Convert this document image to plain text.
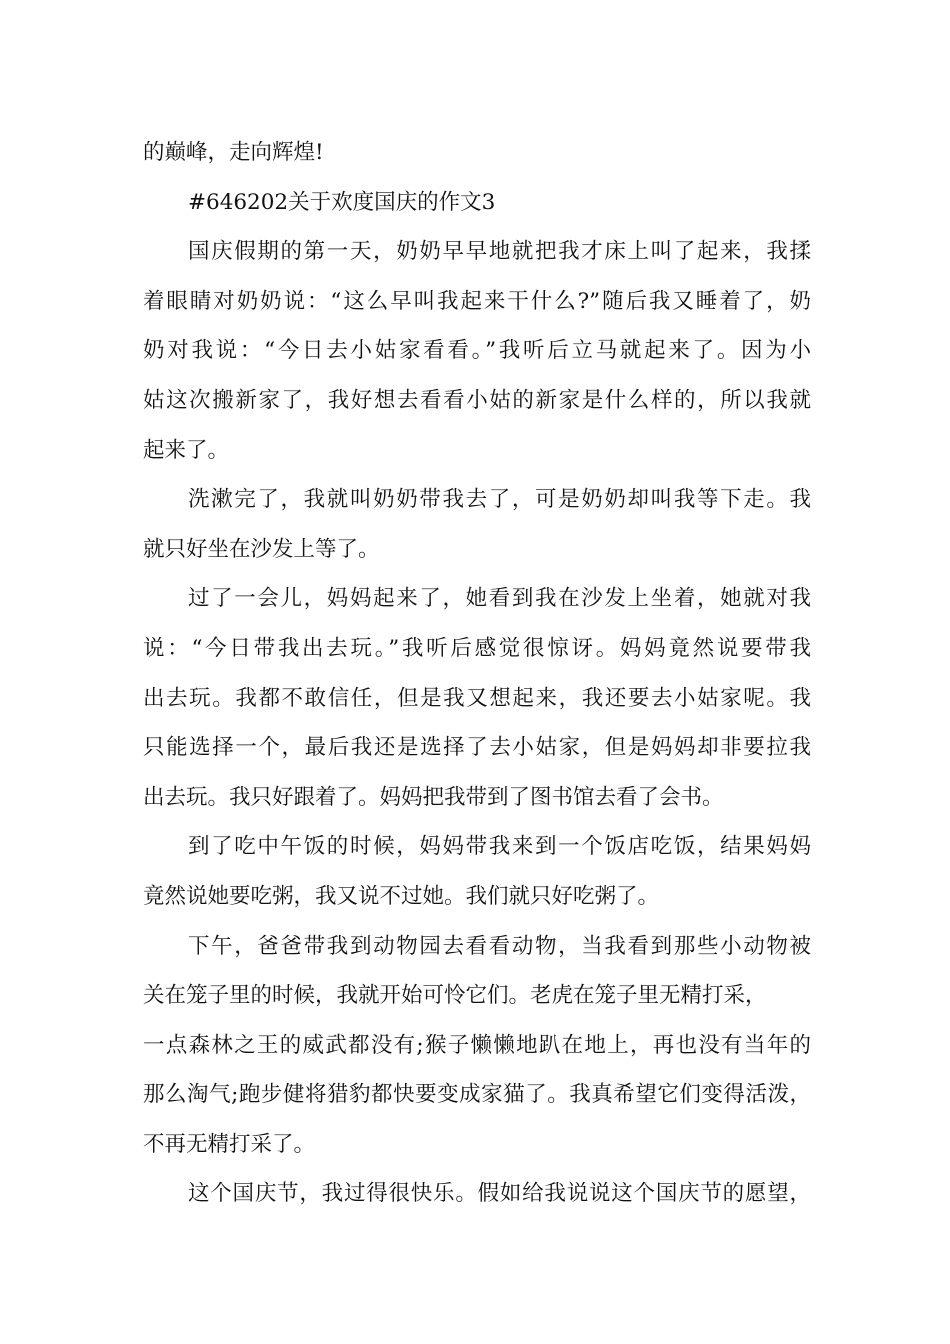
的巅峰，走向辉煌!
#646202关于欢度国庆的作文3
国庆假期的第一天，奶奶早早地就把我才床上叫了起来，我揉
着眼睛对奶奶说：“这么早叫我起来干什么?”随后我又睡着了，奶
奶对我说：“今日去小姑家看看。”我听后立马就起来了。因为小
姑这次搬新家了，我好想去看看小姑的新家是什么样的，所以我就
起来了。
洗漱完了，我就叫奶奶带我去了，可是奶奶却叫我等下走。我
就只好坐在沙发上等了。
过了一会儿，妈妈起来了，她看到我在沙发上坐着，她就对我
说：“今日带我出去玩。”我听后感觉很惊讶。妈妈竟然说要带我
出去玩。我都不敢信任，但是我又想起来，我还要去小姑家呢。我
只能选择一个，最后我还是选择了去小姑家，但是妈妈却非要拉我
出去玩。我只好跟着了。妈妈把我带到了图书馆去看了会书。
到了吃中午饭的时候，妈妈带我来到一个饭店吃饭，结果妈妈
竟然说她要吃粥，我又说不过她。我们就只好吃粥了。
下午，爸爸带我到动物园去看看动物，当我看到那些小动物被
关在笼子里的时候，我就开始可怜它们。老虎在笼子里无精打采，
一点森林之王的威武都没有;猴子懒懒地趴在地上，再也没有当年的
那么淘气;跑步健将猎豹都快要变成家猫了。我真希望它们变得活泼，
不再无精打采了。
这个国庆节，我过得很快乐。假如给我说说这个国庆节的愿望，
